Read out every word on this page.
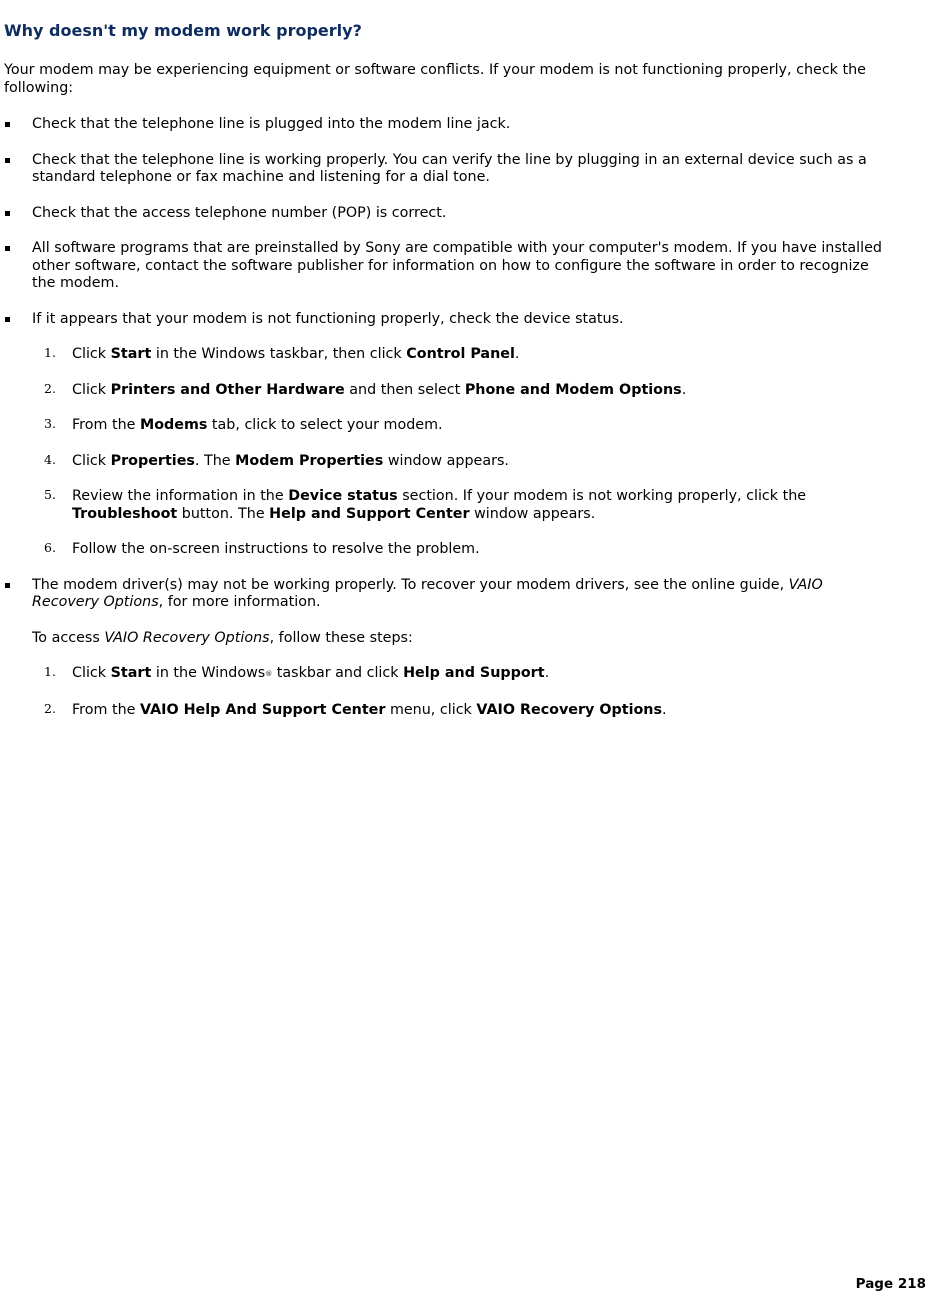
Why doesn't my modem work properly?

Your modem may be experiencing equipment or software conflicts. If your modem is not functioning properly, check the following:

Check that the telephone line is plugged into the modem line jack.
Check that the telephone line is working properly. You can verify the line by plugging in an external device such as a standard telephone or fax machine and listening for a dial tone.
Check that the access telephone number (POP) is correct.
All software programs that are preinstalled by Sony are compatible with your computer's modem. If you have installed other software, contact the software publisher for information on how to configure the software in order to recognize the modem.
If it appears that your modem is not functioning properly, check the device status.
1. Click Start in the Windows taskbar, then click Control Panel.
2. Click Printers and Other Hardware and then select Phone and Modem Options.
3. From the Modems tab, click to select your modem.
4. Click Properties. The Modem Properties window appears.
5. Review the information in the Device status section. If your modem is not working properly, click the Troubleshoot button. The Help and Support Center window appears.
6. Follow the on-screen instructions to resolve the problem.
The modem driver(s) may not be working properly. To recover your modem drivers, see the online guide, VAIO Recovery Options, for more information.

To access VAIO Recovery Options, follow these steps:

1. Click Start in the Windows® taskbar and click Help and Support.
2. From the VAIO Help And Support Center menu, click VAIO Recovery Options.
Page 218
